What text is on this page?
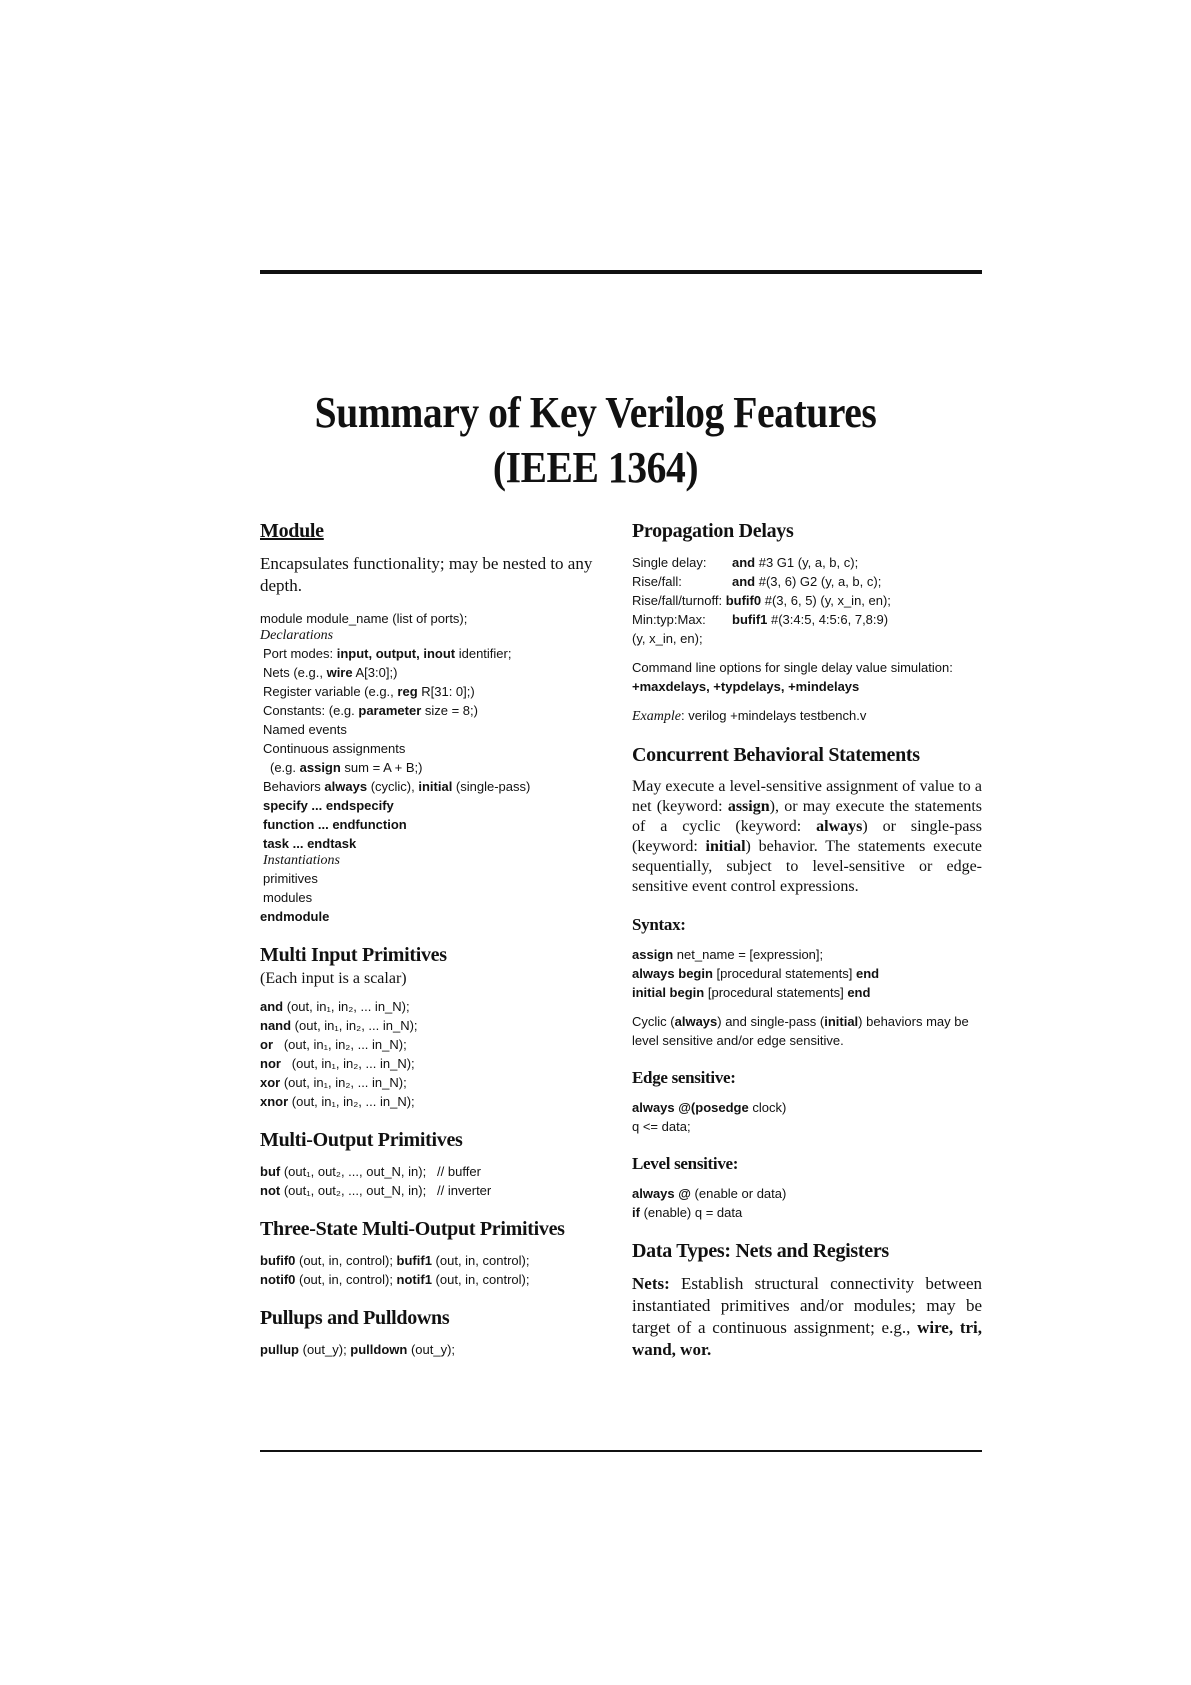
Summary of Key Verilog Features
(IEEE 1364)
Module
Encapsulates functionality; may be nested to any depth.
module module_name (list of ports);
Declarations
Port modes: input, output, inout identifier;
Nets (e.g., wire A[3:0];)
Register variable (e.g., reg R[31: 0];)
Constants: (e.g. parameter size = 8;)
Named events
Continuous assignments
(e.g. assign sum = A + B;)
Behaviors always (cyclic), initial (single-pass)
specify ... endspecify
function ... endfunction
task ... endtask
Instantiations
primitives
modules
endmodule
Multi Input Primitives
(Each input is a scalar)
and (out, in₁, in₂, ... in_N);
nand (out, in₁, in₂, ... in_N);
or   (out, in₁, in₂, ... in_N);
nor   (out, in₁, in₂, ... in_N);
xor (out, in₁, in₂, ... in_N);
xnor (out, in₁, in₂, ... in_N);
Multi-Output Primitives
buf (out₁, out₂, ..., out_N, in);   // buffer
not (out₁, out₂, ..., out_N, in);   // inverter
Three-State Multi-Output Primitives
bufif0 (out, in, control); bufif1 (out, in, control);
notif0 (out, in, control); notif1 (out, in, control);
Pullups and Pulldowns
pullup (out_y); pulldown (out_y);
Propagation Delays
Single delay:	and #3 G1 (y, a, b, c);
Rise/fall:	and #(3, 6) G2 (y, a, b, c);
Rise/fall/turnoff: bufif0 #(3, 6, 5) (y, x_in, en);
Min:typ:Max:	bufif1 #(3:4:5, 4:5:6, 7,8:9)
(y, x_in, en);
Command line options for single delay value simulation:
+maxdelays, +typdelays, +mindelays
Example: verilog +mindelays testbench.v
Concurrent Behavioral Statements
May execute a level-sensitive assignment of value to a net (keyword: assign), or may execute the statements of a cyclic (keyword: always) or single-pass (keyword: initial) behavior. The statements execute sequentially, subject to level-sensitive or edge-sensitive event control expressions.
Syntax:
assign net_name = [expression];
always begin [procedural statements] end
initial begin [procedural statements] end
Cyclic (always) and single-pass (initial) behaviors may be level sensitive and/or edge sensitive.
Edge sensitive:
always @(posedge clock)
q <= data;
Level sensitive:
always @ (enable or data)
if (enable) q = data
Data Types: Nets and Registers
Nets: Establish structural connectivity between instantiated primitives and/or modules; may be target of a continuous assignment; e.g., wire, tri, wand, wor.
